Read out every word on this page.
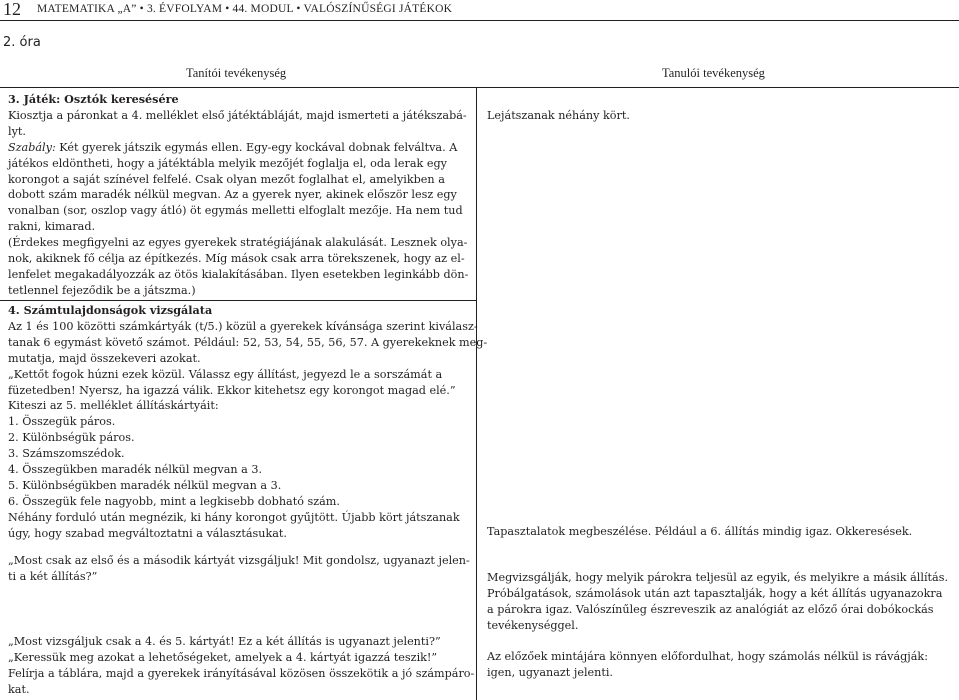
12 MATEMATIKA „A” • 3. ÉVFOLYAM • 44. MODUL • VALÓSZÍNŰSÉGI JÁTÉKOK
2. óra
Tanítói tevékenység	Tanulói tevékenység

3. Játék: Osztók keresésére

Kiosztja a páronkat a 4. melléklet első játéktábláját, majd ismerteti a játékszabá-

lyt.

Szabály: Két gyerek játszik egymás ellen. Egy-egy kockával dobnak felváltva. A

játékos eldöntheti, hogy a játéktábla melyik mezőjét foglalja el, oda lerak egy

korongot a saját színével felfelé. Csak olyan mezőt foglalhat el, amelyikben a

dobott szám maradék nélkül megvan. Az a gyerek nyer, akinek először lesz egy

vonalban (sor, oszlop vagy átló) öt egymás melletti elfoglalt mezője. Ha nem tud

rakni, kimarad.

(Érdekes megfigyelni az egyes gyerekek stratégiájának alakulását. Lesznek olya-

nok, akiknek fő célja az építkezés. Míg mások csak arra törekszenek, hogy az el-

lenfelet megakadályozzák az ötös kialakításában. Ilyen esetekben leginkább dön-

tetlennel fejeződik be a játszma.)

4. Számtulajdonságok vizsgálata

Az 1 és 100 közötti számkártyák (t/5.) közül a gyerekek kívánsága szerint kiválasz-

tanak 6 egymást követő számot. Például: 52, 53, 54, 55, 56, 57. A gyerekeknek meg-

mutatja, majd összekeveri azokat.

„Kettőt fogok húzni ezek közül. Válassz egy állítást, jegyezd le a sorszámát a

füzetedben! Nyersz, ha igazzá válik. Ekkor kitehetsz egy korongot magad elé.”

Kiteszi az 5. melléklet állításkártyáit:

1. Összegük páros.

2. Különbségük páros.

3. Számszomszédok.

4. Összegükben maradék nélkül megvan a 3.

5. Különbségükben maradék nélkül megvan a 3.

6. Összegük fele nagyobb, mint a legkisebb dobható szám.

Néhány forduló után megnézik, ki hány korongot gyűjtött. Újabb kört játszanak

úgy, hogy szabad megváltoztatni a választásukat.

„Most csak az első és a második kártyát vizsgáljuk! Mit gondolsz, ugyanazt jelen-

ti a két állítás?”

„Most vizsgáljuk csak a 4. és 5. kártyát! Ez a két állítás is ugyanazt jelenti?”

„Keressük meg azokat a lehetőségeket, amelyek a 4. kártyát igazzá teszik!”

Felírja a táblára, majd a gyerekek irányításával közösen összekötik a jó számpáro-

kat.

Lejátszanak néhány kört.

Tapasztalatok megbeszélése. Például a 6. állítás mindig igaz. Okkeresések.

Megvizsgálják, hogy melyik párokra teljesül az egyik, és melyikre a másik állítás.

Próbálgatások, számolások után azt tapasztalják, hogy a két állítás ugyanazokra

a párokra igaz. Valószínűleg észreveszik az analógiát az előző órai dobókockás

tevékenységgel.

Az előzőek mintájára könnyen előfordulhat, hogy számolás nélkül is rávágják:

igen, ugyanazt jelenti.
